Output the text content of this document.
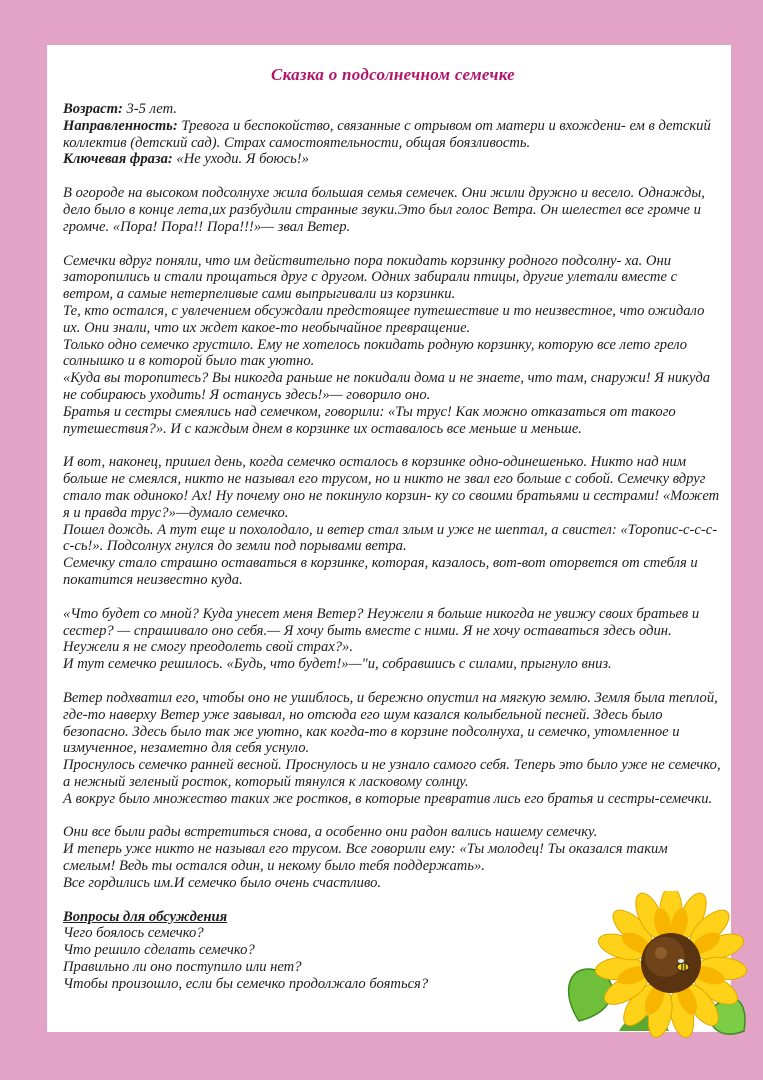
Сказка о подсолнечном семечке

Возраст: 3-5 лет.

Направленность: Тревога и беспокойство, связанные с отрывом от матери и вхождени- ем в детский коллектив (детский сад). Страх самостоятельности, общая боязливость.

Ключевая фраза: «Не уходи. Я боюсь!»

В огороде на высоком подсолнухе жила большая семья семечек. Они жили дружно и весело. Однажды, дело было в конце лета,их разбудили странные звуки.Это был голос Ветра. Он шелестел все громче и громче. «Пора! Пора!! Пора!!!»— звал Ветер.

Семечки вдруг поняли, что им действительно пора покидать корзинку родного подсолну- ха. Они заторопились и стали прощаться друг с другом. Одних забирали птицы, другие улетали вместе с ветром, а самые нетерпеливые сами выпрыгивали из корзинки.

Те, кто остался, с увлечением обсуждали предстоящее путешествие и то неизвестное, что ожидало их. Они знали, что их ждет какое-то необычайное превращение.

Только одно семечко грустило. Ему не хотелось покидать родную корзинку, которую все лето грело солнышко и в которой было так уютно.

«Куда вы торопитесь? Вы никогда раньше не покидали дома и не знаете, что там, снаружи! Я никуда не собираюсь уходить! Я останусь здесь!»— говорило оно.

Братья и сестры смеялись над семечком, говорили: «Ты трус! Как можно отказаться от такого путешествия?». И с каждым днем в корзинке их оставалось все меньше и меньше.

И вот, наконец, пришел день, когда семечко осталось в корзинке одно-одинешенько. Никто над ним больше не смеялся, никто не называл его трусом, но и никто не звал его больше с собой. Семечку вдруг стало так одиноко! Ах! Ну почему оно не покинуло корзин- ку со своими братьями и сестрами! «Может я и правда трус?»—думало семечко.

Пошел дождь. А тут еще и похолодало, и ветер стал злым и уже не шептал, а свистел: «Торопис-с-с-с-с-сь!». Подсолнух гнулся до земли под порывами ветра.

Семечку стало страшно оставаться в корзинке, которая, казалось, вот-вот оторвется от стебля и покатится неизвестно куда.

«Что будет со мной? Куда унесет меня Ветер? Неужели я больше никогда не увижу своих братьев и сестер? — спрашивало оно себя.— Я хочу быть вместе с ними. Я не хочу оставаться здесь один. Неужели я не смогу преодолеть свой страх?».

И тут семечко решилось. «Будь, что будет!»—"и, собравшись с силами, прыгнуло вниз.

Ветер подхватил его, чтобы оно не ушиблось, и бережно опустил на мягкую землю. Земля была теплой, где-то наверху Ветер уже завывал, но отсюда его шум казался колыбельной песней. Здесь было безопасно. Здесь было так же уютно, как когда-то в корзине подсолнуха, и семечко, утомленное и измученное, незаметно для себя уснуло.

Проснулось семечко ранней весной. Проснулось и не узнало самого себя. Теперь это было уже не семечко, а нежный зеленый росток, который тянулся к ласковому солнцу.

А вокруг было множество таких же ростков, в которые превратив лись его братья и сестры-семечки.

Они все были рады встретиться снова, а особенно они радон вались нашему семечку.

И теперь уже никто не называл его трусом. Все говорили ему: «Ты молодец! Ты оказался таким смелым! Ведь ты остался один, и некому было тебя поддержать».

Все гордились им.И семечко было очень счастливо.

Вопросы для обсуждения

Чего боялось семечко?

Что решило сделать семечко?

Правильно ли оно поступило или нет?

Чтобы произошло, если бы семечко продолжало бояться?
